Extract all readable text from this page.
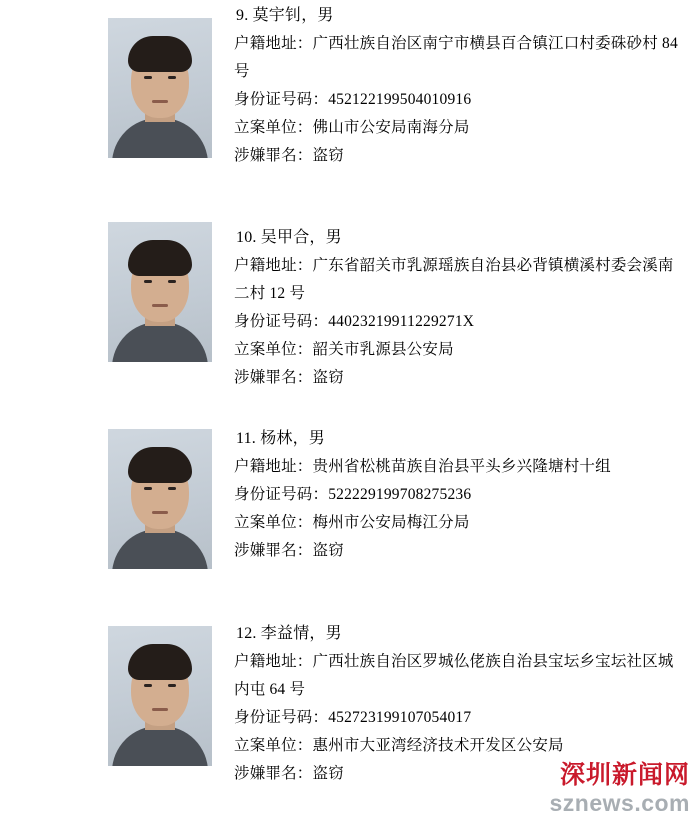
9. 莫宇钊，男
户籍地址：广西壮族自治区南宁市横县百合镇江口村委硃砂村 84 号
身份证号码：452122199504010916
立案单位：佛山市公安局南海分局
涉嫌罪名：盗窃
10. 吴甲合，男
户籍地址：广东省韶关市乳源瑶族自治县必背镇横溪村委会溪南二村 12 号
身份证号码：44023219911229271X
立案单位：韶关市乳源县公安局
涉嫌罪名：盗窃
11. 杨林，男
户籍地址：贵州省松桃苗族自治县平头乡兴隆塘村十组
身份证号码：522229199708275236
立案单位：梅州市公安局梅江分局
涉嫌罪名：盗窃
12. 李益情，男
户籍地址：广西壮族自治区罗城仫佬族自治县宝坛乡宝坛社区城内屯 64 号
身份证号码：452723199107054017
立案单位：惠州市大亚湾经济技术开发区公安局
涉嫌罪名：盗窃	深圳新闻网
sznews.com
